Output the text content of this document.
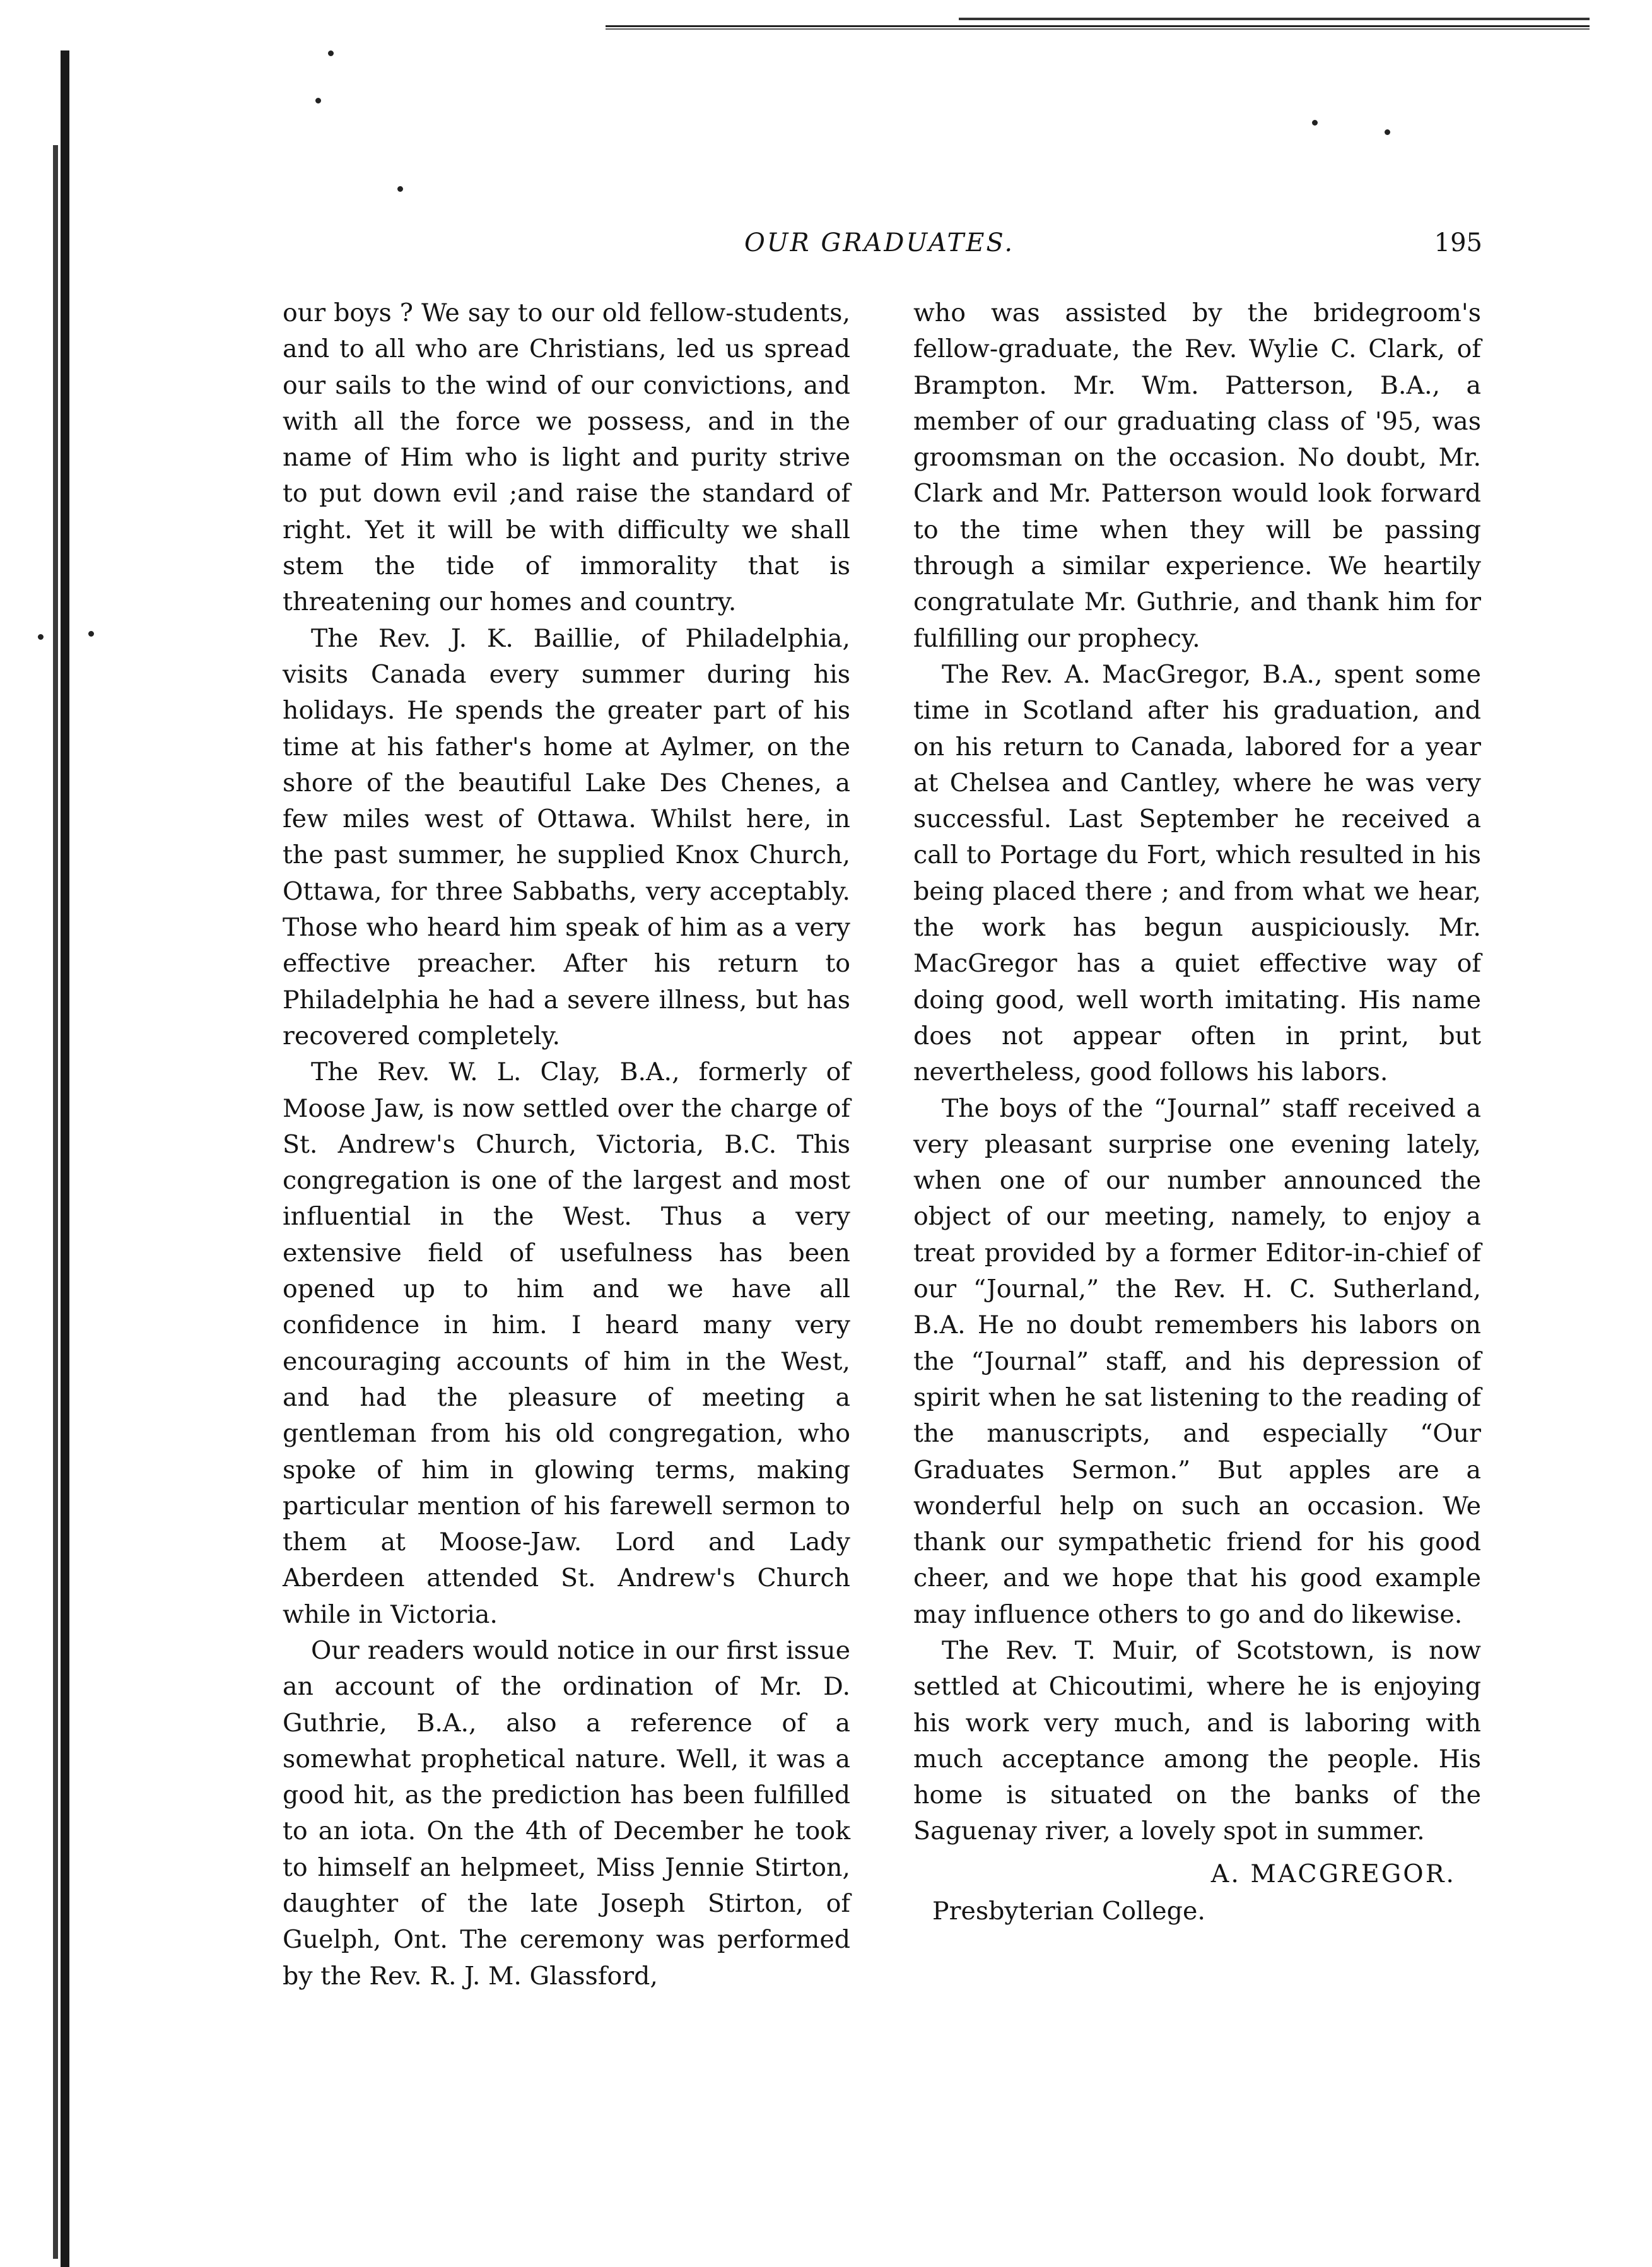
OUR GRADUATES.	195

our boys ? We say to our old fellow-students, and to all who are Christians, led us spread our sails to the wind of our convictions, and with all the force we possess, and in the name of Him who is light and purity strive to put down evil ;and raise the standard of right. Yet it will be with difficulty we shall stem the tide of immorality that is threatening our homes and country.

The Rev. J. K. Baillie, of Philadelphia, visits Canada every summer during his holidays. He spends the greater part of his time at his father's home at Aylmer, on the shore of the beautiful Lake Des Chenes, a few miles west of Ottawa. Whilst here, in the past summer, he supplied Knox Church, Ottawa, for three Sabbaths, very acceptably. Those who heard him speak of him as a very effective preacher. After his return to Philadelphia he had a severe illness, but has recovered completely.

The Rev. W. L. Clay, B.A., formerly of Moose Jaw, is now settled over the charge of St. Andrew's Church, Victoria, B.C. This congregation is one of the largest and most influential in the West. Thus a very extensive field of usefulness has been opened up to him and we have all confidence in him. I heard many very encouraging accounts of him in the West, and had the pleasure of meeting a gentleman from his old congregation, who spoke of him in glowing terms, making particular mention of his farewell sermon to them at Moose-Jaw. Lord and Lady Aberdeen attended St. Andrew's Church while in Victoria.

Our readers would notice in our first issue an account of the ordination of Mr. D. Guthrie, B.A., also a reference of a somewhat prophetical nature. Well, it was a good hit, as the prediction has been fulfilled to an iota. On the 4th of December he took to himself an helpmeet, Miss Jennie Stirton, daughter of the late Joseph Stirton, of Guelph, Ont. The ceremony was performed by the Rev. R. J. M. Glassford,

who was assisted by the bridegroom's fellow-graduate, the Rev. Wylie C. Clark, of Brampton. Mr. Wm. Patterson, B.A., a member of our graduating class of '95, was groomsman on the occasion. No doubt, Mr. Clark and Mr. Patterson would look forward to the time when they will be passing through a similar experience. We heartily congratulate Mr. Guthrie, and thank him for fulfilling our prophecy.

The Rev. A. MacGregor, B.A., spent some time in Scotland after his graduation, and on his return to Canada, labored for a year at Chelsea and Cantley, where he was very successful. Last September he received a call to Portage du Fort, which resulted in his being placed there ; and from what we hear, the work has begun auspiciously. Mr. MacGregor has a quiet effective way of doing good, well worth imitating. His name does not appear often in print, but nevertheless, good follows his labors.

The boys of the “Journal” staff received a very pleasant surprise one evening lately, when one of our number announced the object of our meeting, namely, to enjoy a treat provided by a former Editor-in-chief of our “Journal,” the Rev. H. C. Sutherland, B.A. He no doubt remembers his labors on the “Journal” staff, and his depression of spirit when he sat listening to the reading of the manuscripts, and especially “Our Graduates Sermon.” But apples are a wonderful help on such an occasion. We thank our sympathetic friend for his good cheer, and we hope that his good example may influence others to go and do likewise.

The Rev. T. Muir, of Scotstown, is now settled at Chicoutimi, where he is enjoying his work very much, and is laboring with much acceptance among the people. His home is situated on the banks of the Saguenay river, a lovely spot in summer.

A. MACGREGOR.

Presbyterian College.
